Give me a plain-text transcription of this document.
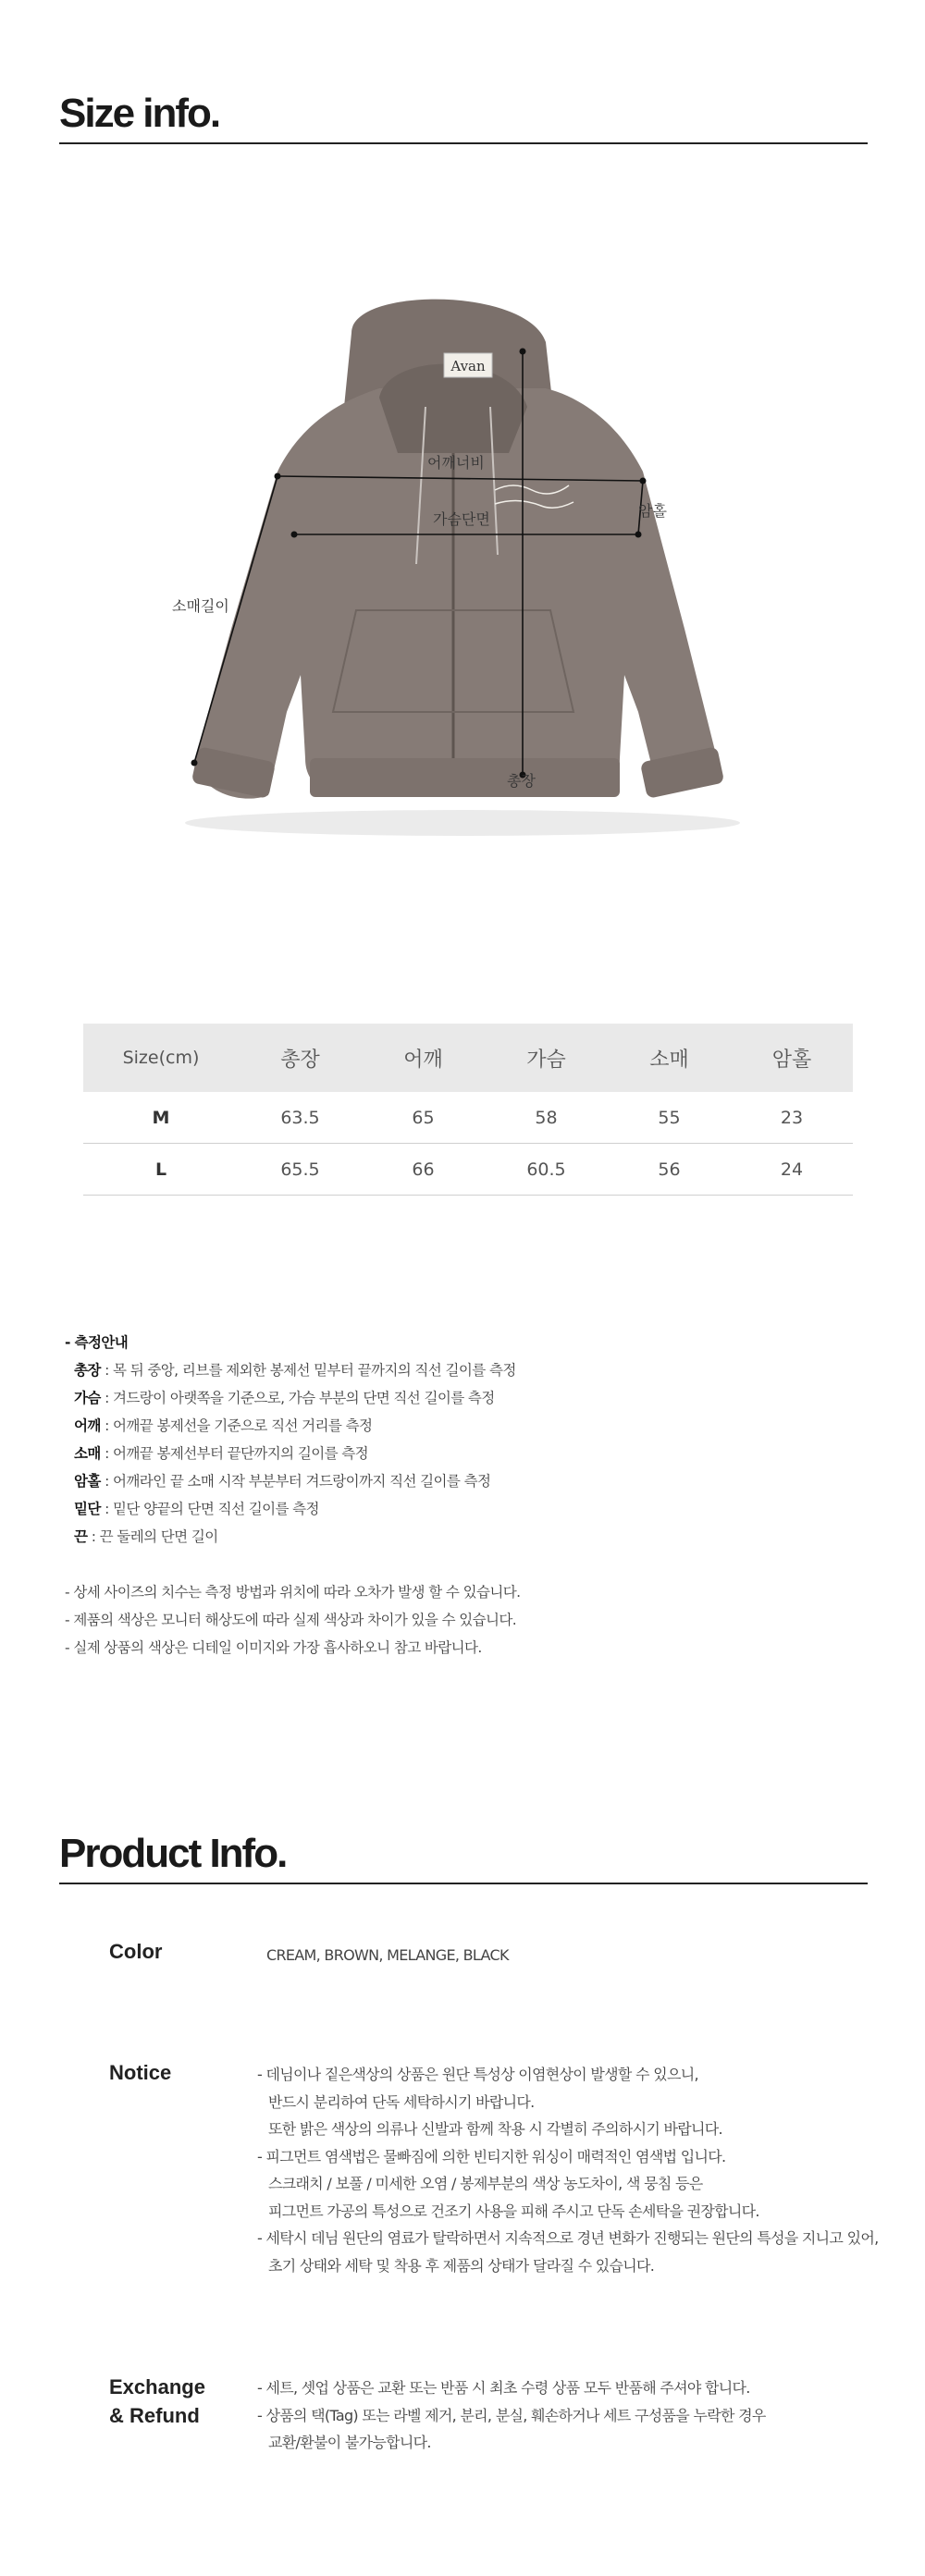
Size info.
Avan
어깨너비
가슴단면
소매길이
암홀
총장
Size(cm)	총장	어깨	가슴	소매	암홀
M	63.5	65	58	55	23
L	65.5	66	60.5	56	24
- 측정안내
총장 : 목 뒤 중앙, 리브를 제외한 봉제선 밑부터 끝까지의 직선 길이를 측정
가슴 : 겨드랑이 아랫쪽을 기준으로, 가슴 부분의 단면 직선 길이를 측정
어깨 : 어깨끝 봉제선을 기준으로 직선 거리를 측정
소매 : 어깨끝 봉제선부터 끝단까지의 길이를 측정
암홀 : 어깨라인 끝 소매 시작 부분부터 겨드랑이까지 직선 길이를 측정
밑단 : 밑단 양끝의 단면 직선 길이를 측정
끈 : 끈 둘레의 단면 길이
- 상세 사이즈의 치수는 측정 방법과 위치에 따라 오차가 발생 할 수 있습니다.
- 제품의 색상은 모니터 해상도에 따라 실제 색상과 차이가 있을 수 있습니다.
- 실제 상품의 색상은 디테일 이미지와 가장 흡사하오니 참고 바랍니다.
Product Info.
Color	CREAM, BROWN, MELANGE, BLACK
Notice	- 데님이나 짙은색상의 상품은 원단 특성상 이염현상이 발생할 수 있으니,
반드시 분리하여 단독 세탁하시기 바랍니다.
또한 밝은 색상의 의류나 신발과 함께 착용 시 각별히 주의하시기 바랍니다.
- 피그먼트 염색법은 물빠짐에 의한 빈티지한 워싱이 매력적인 염색법 입니다.
스크래치 / 보풀 / 미세한 오염 / 봉제부분의 색상 농도차이, 색 뭉침 등은
피그먼트 가공의 특성으로 건조기 사용을 피해 주시고 단독 손세탁을 권장합니다.
- 세탁시 데님 원단의 염료가 탈락하면서 지속적으로 경년 변화가 진행되는 원단의 특성을 지니고 있어,
초기 상태와 세탁 및 착용 후 제품의 상태가 달라질 수 있습니다.
Exchange
& Refund
- 세트, 셋업 상품은 교환 또는 반품 시 최초 수령 상품 모두 반품해 주셔야 합니다.
- 상품의 택(Tag) 또는 라벨 제거, 분리, 분실, 훼손하거나 세트 구성품을 누락한 경우
교환/환불이 불가능합니다.
